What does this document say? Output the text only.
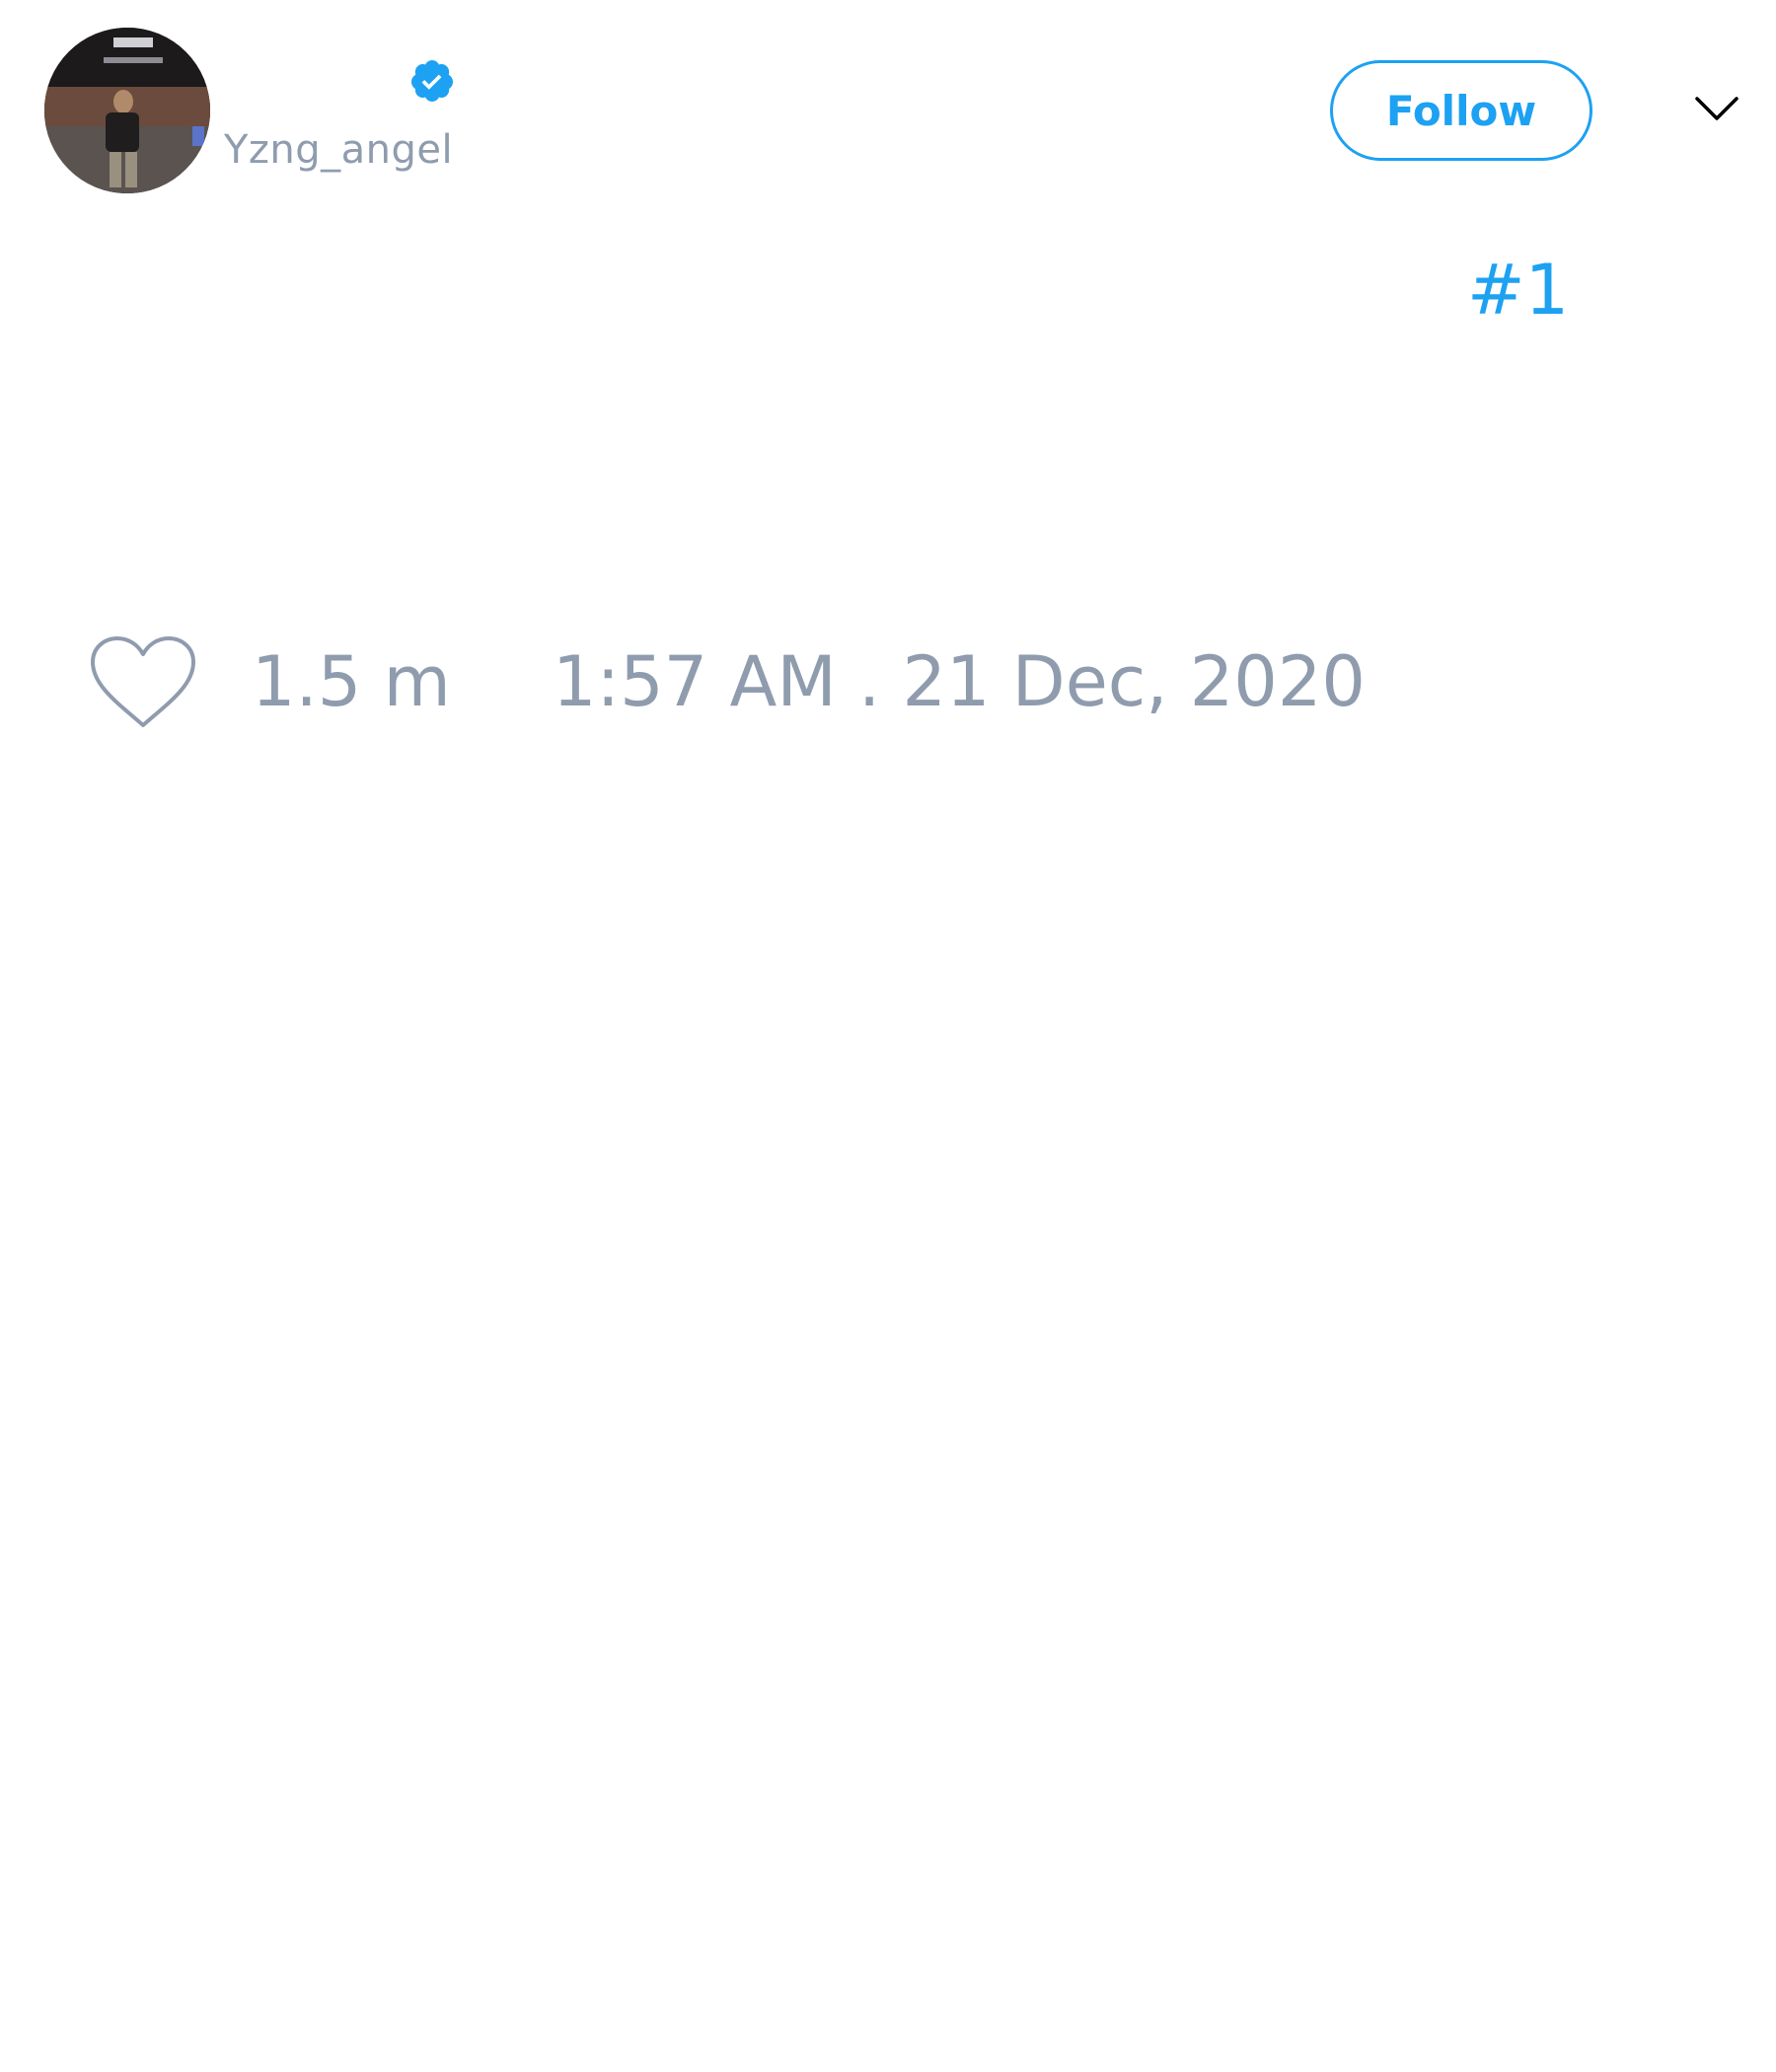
Yzng_angel
Follow
#1
1.5 m 1:57 AM . 21 Dec, 2020
